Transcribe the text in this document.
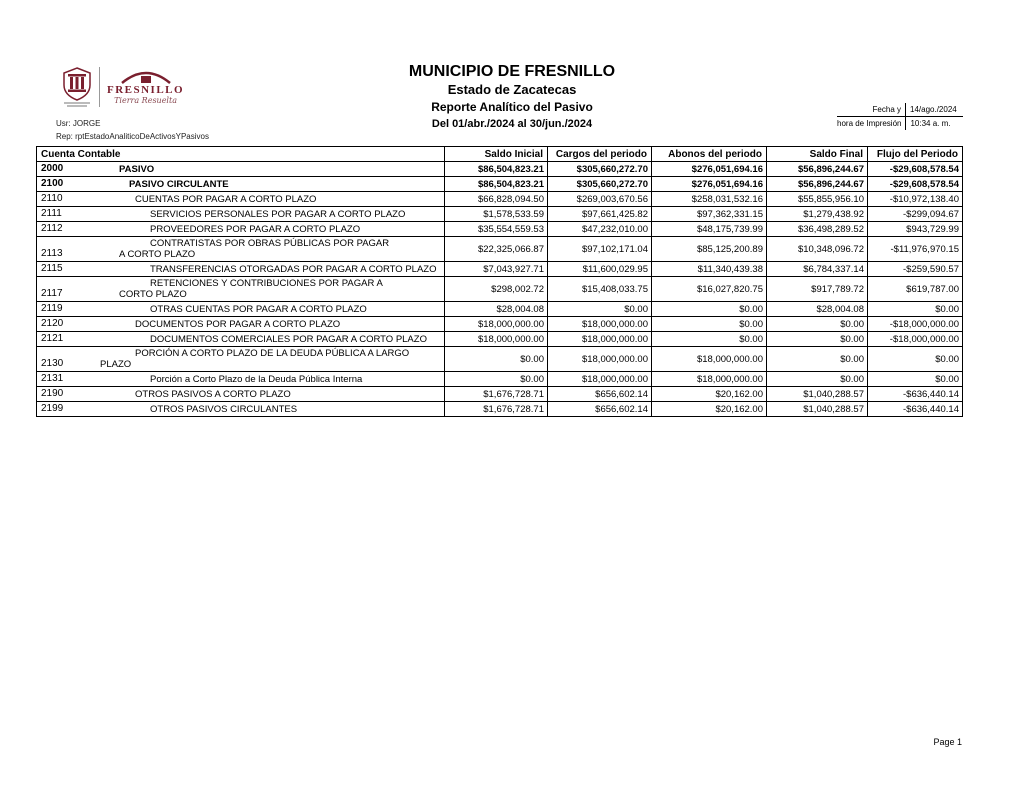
FRESNILLO
Tierra Resuelta
Usr: JORGE
Rep: rptEstadoAnaliticoDeActivosYPasivos
MUNICIPIO DE FRESNILLO
Estado de Zacatecas
Reporte Analítico del Pasivo
Del 01/abr./2024 al 30/jun./2024
Fecha y	14/ago./2024
hora de Impresión	10:34 a. m.
Cuenta Contable	Saldo Inicial	Cargos del periodo	Abonos del periodo	Saldo Final	Flujo del Periodo

2000 PASIVO	$86,504,823.21	$305,660,272.70	$276,051,694.16	$56,896,244.67	-$29,608,578.54

2100 PASIVO CIRCULANTE	$86,504,823.21	$305,660,272.70	$276,051,694.16	$56,896,244.67	-$29,608,578.54

2110 CUENTAS POR PAGAR A CORTO PLAZO	$66,828,094.50	$269,003,670.56	$258,031,532.16	$55,855,956.10	-$10,972,138.40

2111 SERVICIOS PERSONALES POR PAGAR A CORTO PLAZO	$1,578,533.59	$97,661,425.82	$97,362,331.15	$1,279,438.92	-$299,094.67

2112 PROVEEDORES POR PAGAR A CORTO PLAZO	$35,554,559.53	$47,232,010.00	$48,175,739.99	$36,498,289.52	$943,729.99

2113
CONTRATISTAS POR OBRAS PÚBLICAS POR PAGAR A CORTO PLAZO	$22,325,066.87	$97,102,171.04	$85,125,200.89	$10,348,096.72	-$11,976,970.15

2115 TRANSFERENCIAS OTORGADAS POR PAGAR A CORTO PLAZO	$7,043,927.71	$11,600,029.95	$11,340,439.38	$6,784,337.14	-$259,590.57

2117
RETENCIONES Y CONTRIBUCIONES POR PAGAR A CORTO PLAZO	$298,002.72	$15,408,033.75	$16,027,820.75	$917,789.72	$619,787.00

2119 OTRAS CUENTAS POR PAGAR A CORTO PLAZO	$28,004.08	$0.00	$0.00	$28,004.08	$0.00

2120 DOCUMENTOS POR PAGAR A CORTO PLAZO	$18,000,000.00	$18,000,000.00	$0.00	$0.00	-$18,000,000.00

2121 DOCUMENTOS COMERCIALES POR PAGAR A CORTO PLAZO	$18,000,000.00	$18,000,000.00	$0.00	$0.00	-$18,000,000.00

2130
PORCIÓN A CORTO PLAZO DE LA DEUDA PÚBLICA A LARGO PLAZO	$0.00	$18,000,000.00	$18,000,000.00	$0.00	$0.00

2131 Porción a Corto Plazo de la Deuda Pública Interna	$0.00	$18,000,000.00	$18,000,000.00	$0.00	$0.00

2190 OTROS PASIVOS A CORTO PLAZO	$1,676,728.71	$656,602.14	$20,162.00	$1,040,288.57	-$636,440.14

2199 OTROS PASIVOS CIRCULANTES	$1,676,728.71	$656,602.14	$20,162.00	$1,040,288.57	-$636,440.14
Page 1
